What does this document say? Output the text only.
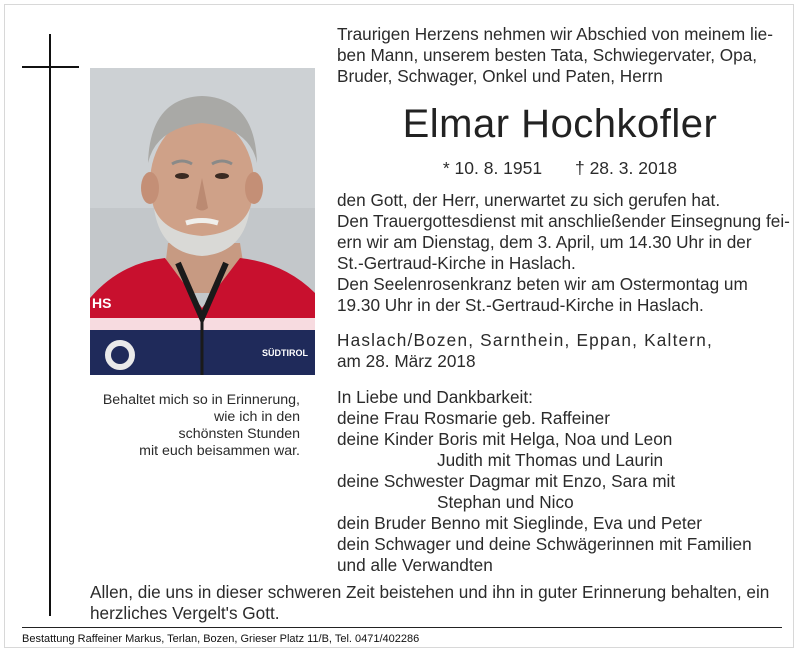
HS
SÜDTIROL
Behaltet mich so in Erinnerung,
wie ich in den
schönsten Stunden
mit euch beisammen war.
Traurigen Herzens nehmen wir Abschied von meinem lie-
ben Mann, unserem besten Tata, Schwiegervater, Opa,
Bruder, Schwager, Onkel und Paten, Herrn
Elmar Hochkofler
* 10. 8. 1951 † 28. 3. 2018
den Gott, der Herr, unerwartet zu sich gerufen hat.
Den Trauergottesdienst mit anschließender Einsegnung fei-
ern wir am Dienstag, dem 3. April, um 14.30 Uhr in der
St.-Gertraud-Kirche in Haslach.
Den Seelenrosenkranz beten wir am Ostermontag um
19.30 Uhr in der St.-Gertraud-Kirche in Haslach.
Haslach/Bozen, Sarnthein, Eppan, Kaltern,
am 28. März 2018
In Liebe und Dankbarkeit:
deine Frau Rosmarie geb. Raffeiner
deine Kinder Boris mit Helga, Noa und Leon
Judith mit Thomas und Laurin
deine Schwester Dagmar mit Enzo, Sara mit
Stephan und Nico
dein Bruder Benno mit Sieglinde, Eva und Peter
dein Schwager und deine Schwägerinnen mit Familien
und alle Verwandten
Allen, die uns in dieser schweren Zeit beistehen und ihn in guter Erinnerung behalten, ein
herzliches Vergelt's Gott.
Bestattung Raffeiner Markus, Terlan, Bozen, Grieser Platz 11/B, Tel. 0471/402286
